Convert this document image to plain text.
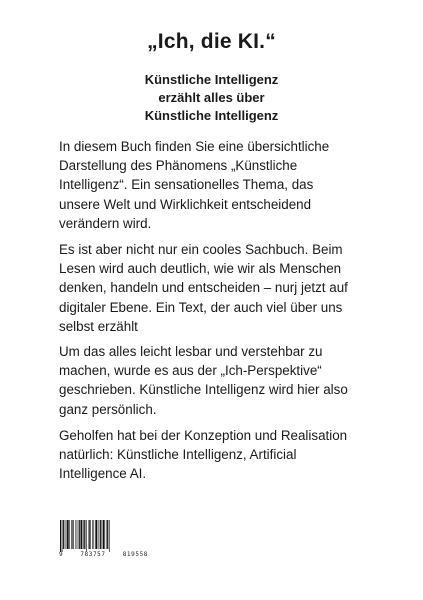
„Ich, die KI.“
Künstliche Intelligenz
erzählt alles über
Künstliche Intelligenz
In diesem Buch finden Sie eine übersichtliche
Darstellung des Phänomens „Künstliche
Intelligenz“. Ein sensationelles Thema, das
unsere Welt und Wirklichkeit entscheidend
verändern wird.
Es ist aber nicht nur ein cooles Sachbuch. Beim
Lesen wird auch deutlich, wie wir als Menschen
denken, handeln und entscheiden – nurj jetzt auf
digitaler Ebene. Ein Text, der auch viel über uns
selbst erzählt
Um das alles leicht lesbar und verstehbar zu
machen, wurde es aus der „Ich-Perspektive“
geschrieben. Künstliche Intelligenz wird hier also
ganz persönlich.
Geholfen hat bei der Konzeption und Realisation
natürlich: Künstliche Intelligenz, Artificial
Intelligence AI.
9	783757	819558
